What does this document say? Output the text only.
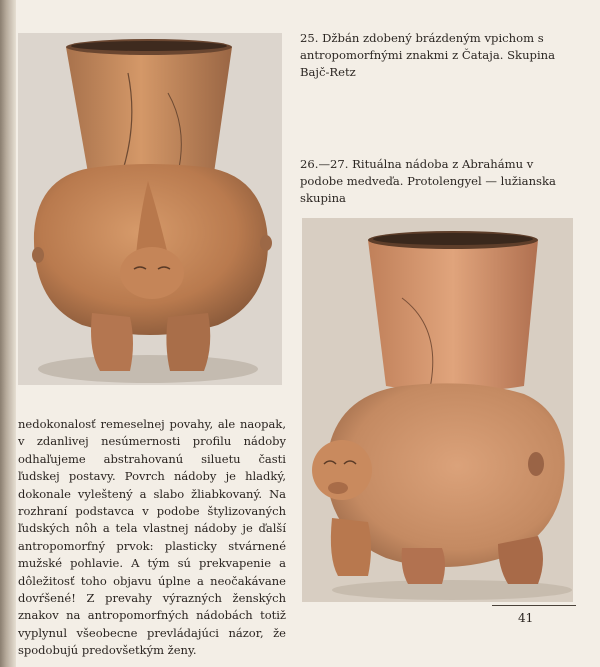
25. Džbán zdobený brázdeným vpichom s antropomorfnými znakmi z Čataja. Skupina Bajč-Retz
26.—27. Rituálna nádoba z Abrahámu v podobe medveďa. Protolengyel — lužianska skupina

nedokonalosť remeselnej povahy, ale naopak, v zdanlivej nesúmernosti profilu nádoby odhaľujeme abstrahovanú siluetu časti ľudskej postavy. Povrch nádoby je hladký, dokonale vyleštený a slabo žliabkovaný. Na rozhraní podstavca v podobe štylizovaných ľudských nôh a tela vlastnej nádoby je ďalší antropomorfný prvok: plasticky stvárnené mužské pohlavie. A tým sú prekvapenie a dôležitosť toho objavu úplne a neočakávane dovŕšené! Z prevahy výrazných ženských znakov na antropomorfných nádobách totiž vyplynul všeobecne prevládajúci názor, že spodobujú predovšetkým ženy.

41
